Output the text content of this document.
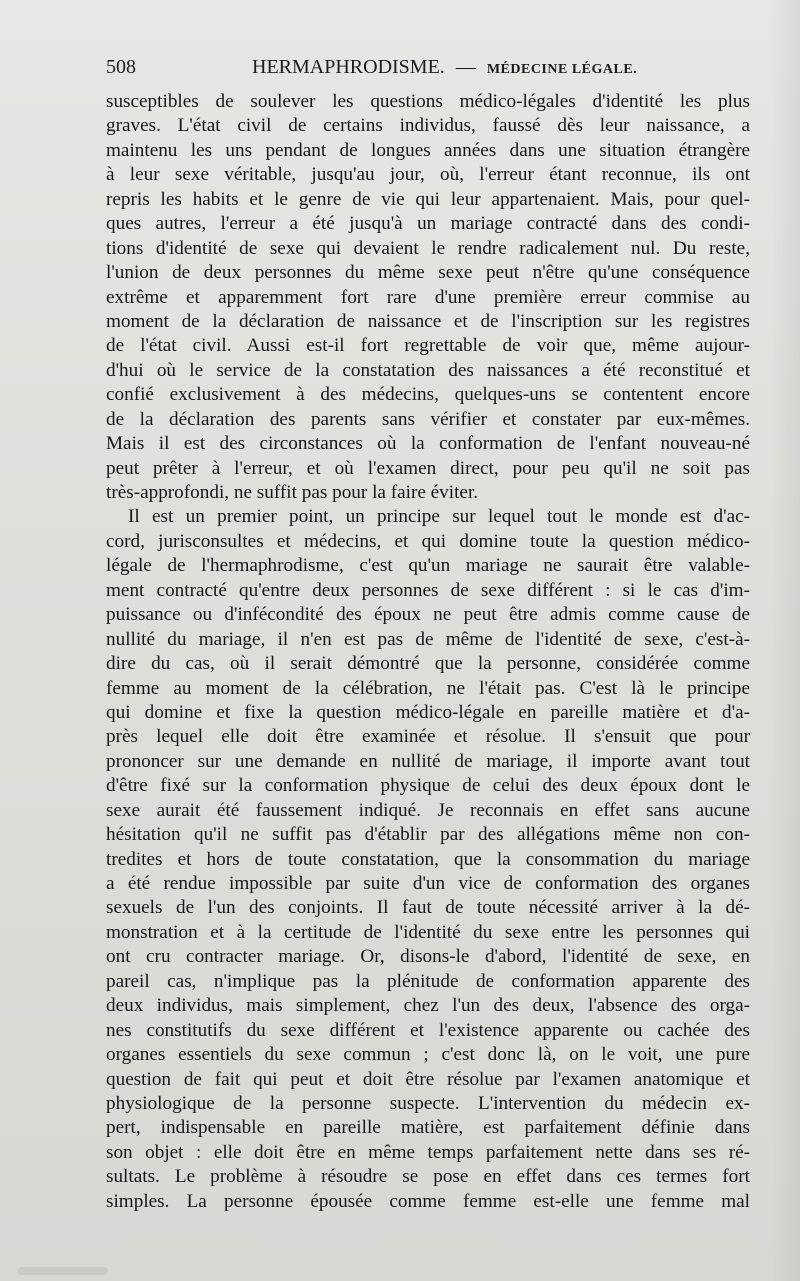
508	HERMAPHRODISME. — MÉDECINE LÉGALE.
susceptibles de soulever les questions médico-légales d'identité les plus
graves. L'état civil de certains individus, faussé dès leur naissance, a
maintenu les uns pendant de longues années dans une situation étrangère
à leur sexe véritable, jusqu'au jour, où, l'erreur étant reconnue, ils ont
repris les habits et le genre de vie qui leur appartenaient. Mais, pour quel-
ques autres, l'erreur a été jusqu'à un mariage contracté dans des condi-
tions d'identité de sexe qui devaient le rendre radicalement nul. Du reste,
l'union de deux personnes du même sexe peut n'être qu'une conséquence
extrême et apparemment fort rare d'une première erreur commise au
moment de la déclaration de naissance et de l'inscription sur les registres
de l'état civil. Aussi est-il fort regrettable de voir que, même aujour-
d'hui où le service de la constatation des naissances a été reconstitué et
confié exclusivement à des médecins, quelques-uns se contentent encore
de la déclaration des parents sans vérifier et constater par eux-mêmes.
Mais il est des circonstances où la conformation de l'enfant nouveau-né
peut prêter à l'erreur, et où l'examen direct, pour peu qu'il ne soit pas
très-approfondi, ne suffit pas pour la faire éviter.
Il est un premier point, un principe sur lequel tout le monde est d'ac-
cord, jurisconsultes et médecins, et qui domine toute la question médico-
légale de l'hermaphrodisme, c'est qu'un mariage ne saurait être valable-
ment contracté qu'entre deux personnes de sexe différent : si le cas d'im-
puissance ou d'infécondité des époux ne peut être admis comme cause de
nullité du mariage, il n'en est pas de même de l'identité de sexe, c'est-à-
dire du cas, où il serait démontré que la personne, considérée comme
femme au moment de la célébration, ne l'était pas. C'est là le principe
qui domine et fixe la question médico-légale en pareille matière et d'a-
près lequel elle doit être examinée et résolue. Il s'ensuit que pour
prononcer sur une demande en nullité de mariage, il importe avant tout
d'être fixé sur la conformation physique de celui des deux époux dont le
sexe aurait été faussement indiqué. Je reconnais en effet sans aucune
hésitation qu'il ne suffit pas d'établir par des allégations même non con-
tredites et hors de toute constatation, que la consommation du mariage
a été rendue impossible par suite d'un vice de conformation des organes
sexuels de l'un des conjoints. Il faut de toute nécessité arriver à la dé-
monstration et à la certitude de l'identité du sexe entre les personnes qui
ont cru contracter mariage. Or, disons-le d'abord, l'identité de sexe, en
pareil cas, n'implique pas la plénitude de conformation apparente des
deux individus, mais simplement, chez l'un des deux, l'absence des orga-
nes constitutifs du sexe différent et l'existence apparente ou cachée des
organes essentiels du sexe commun ; c'est donc là, on le voit, une pure
question de fait qui peut et doit être résolue par l'examen anatomique et
physiologique de la personne suspecte. L'intervention du médecin ex-
pert, indispensable en pareille matière, est parfaitement définie dans
son objet : elle doit être en même temps parfaitement nette dans ses ré-
sultats. Le problème à résoudre se pose en effet dans ces termes fort
simples. La personne épousée comme femme est-elle une femme mal
